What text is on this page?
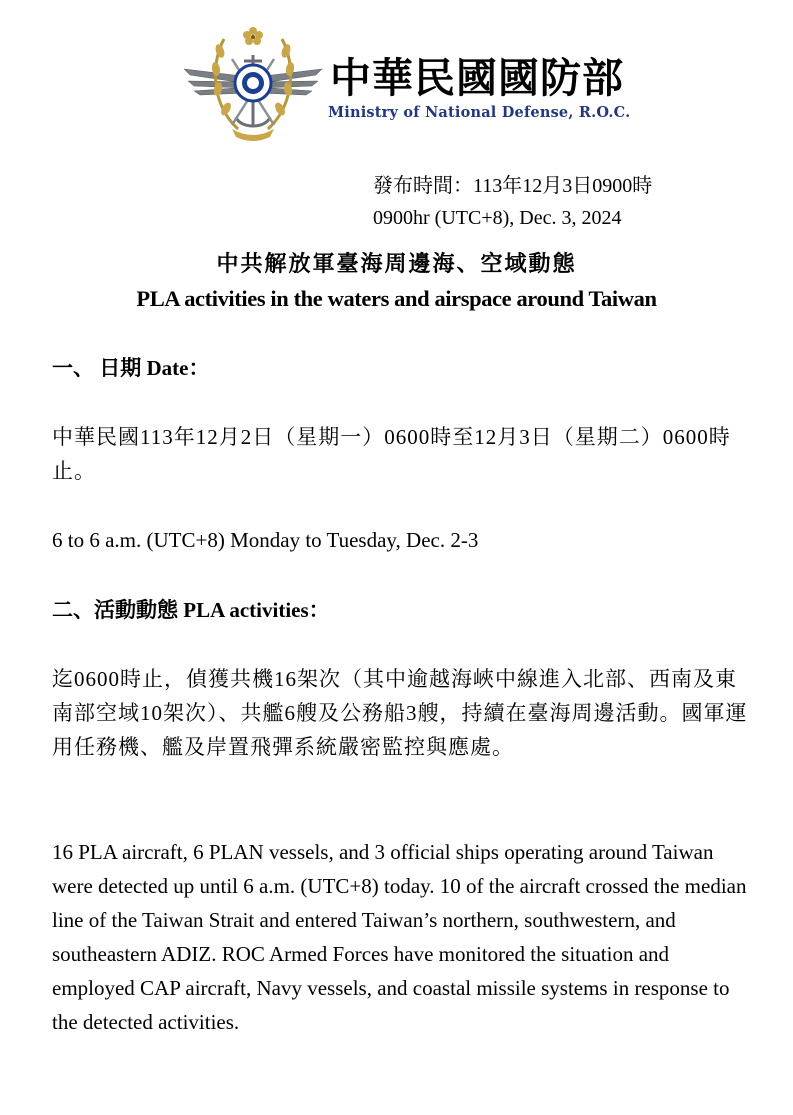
中華民國國防部
Ministry of National Defense, R.O.C.
發布時間：113年12月3日0900時
0900hr (UTC+8), Dec. 3, 2024
中共解放軍臺海周邊海、空域動態
PLA activities in the waters and airspace around Taiwan
一、 日期 Date：
中華民國113年12月2日（星期一）0600時至12月3日（星期二）0600時止。
6 to 6 a.m. (UTC+8) Monday to Tuesday, Dec. 2-3
二、活動動態 PLA activities：
迄0600時止，偵獲共機16架次（其中逾越海峽中線進入北部、西南及東南部空域10架次）、共艦6艘及公務船3艘，持續在臺海周邊活動。國軍運用任務機、艦及岸置飛彈系統嚴密監控與應處。
16 PLA aircraft, 6 PLAN vessels, and 3 official ships operating around Taiwan were detected up until 6 a.m. (UTC+8) today. 10 of the aircraft crossed the median line of the Taiwan Strait and entered Taiwan’s northern, southwestern, and southeastern ADIZ. ROC Armed Forces have monitored the situation and employed CAP aircraft, Navy vessels, and coastal missile systems in response to the detected activities.
